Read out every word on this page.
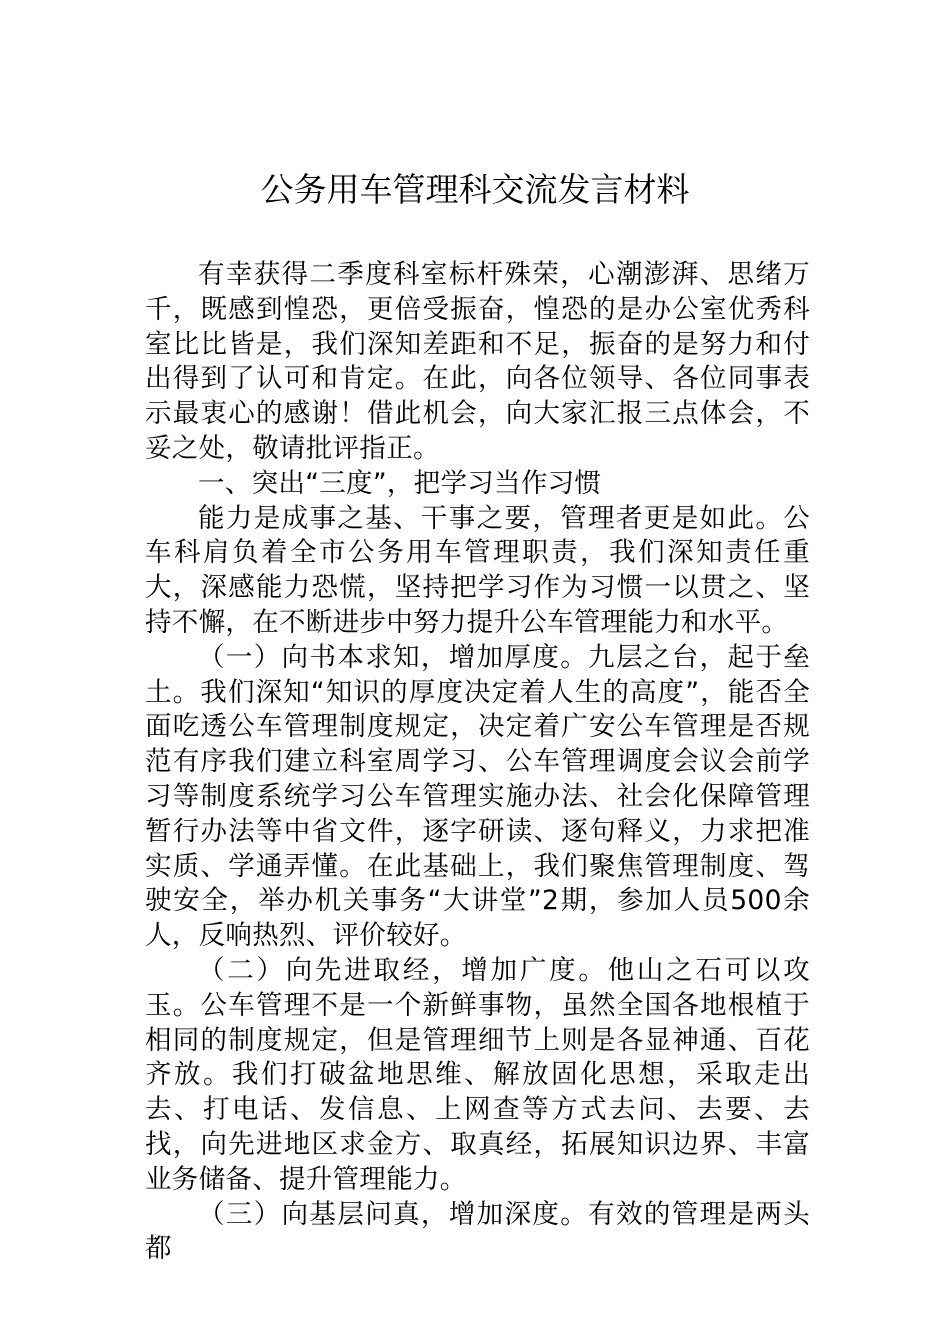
公务用车管理科交流发言材料

有幸获得二季度科室标杆殊荣，心潮澎湃、思绪万千，既感到惶恐，更倍受振奋，惶恐的是办公室优秀科室比比皆是，我们深知差距和不足，振奋的是努力和付出得到了认可和肯定。在此，向各位领导、各位同事表示最衷心的感谢！借此机会，向大家汇报三点体会，不妥之处，敬请批评指正。

一、突出“三度”，把学习当作习惯

能力是成事之基、干事之要，管理者更是如此。公车科肩负着全市公务用车管理职责，我们深知责任重大，深感能力恐慌，坚持把学习作为习惯一以贯之、坚持不懈，在不断进步中努力提升公车管理能力和水平。

（一）向书本求知，增加厚度。九层之台，起于垒土。我们深知“知识的厚度决定着人生的高度”，能否全面吃透公车管理制度规定，决定着广安公车管理是否规范有序我们建立科室周学习、公车管理调度会议会前学习等制度系统学习公车管理实施办法、社会化保障管理暂行办法等中省文件，逐字研读、逐句释义，力求把准实质、学通弄懂。在此基础上，我们聚焦管理制度、驾驶安全，举办机关事务“大讲堂”2期，参加人员500余人，反响热烈、评价较好。

（二）向先进取经，增加广度。他山之石可以攻玉。公车管理不是一个新鲜事物，虽然全国各地根植于相同的制度规定，但是管理细节上则是各显神通、百花齐放。我们打破盆地思维、解放固化思想，采取走出去、打电话、发信息、上网查等方式去问、去要、去找，向先进地区求金方、取真经，拓展知识边界、丰富业务储备、提升管理能力。

（三）向基层问真，增加深度。有效的管理是两头都
